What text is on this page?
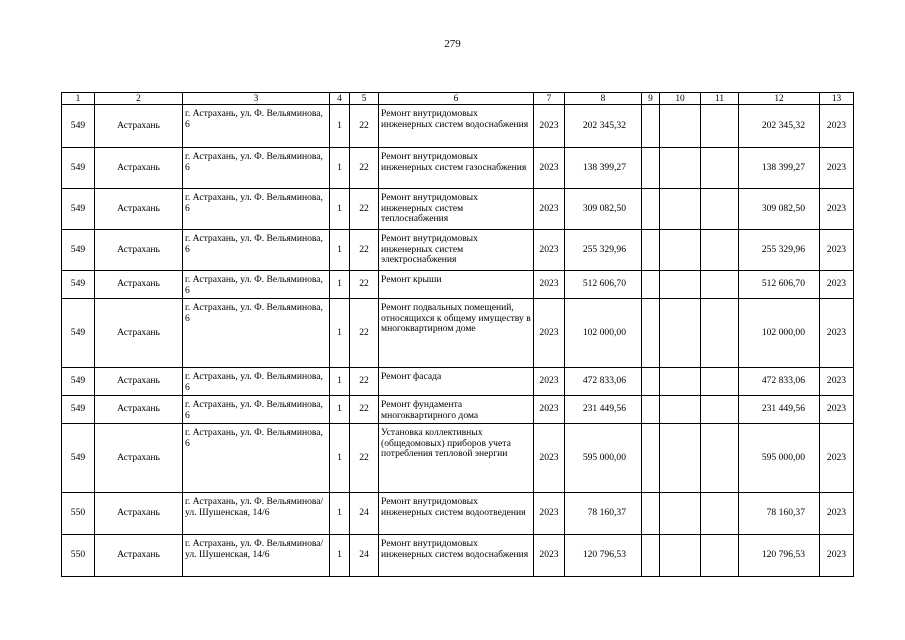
279
1	2	3	4	5	6	7	8	9	10	11	12	13
549	Астрахань	г. Астрахань, ул. Ф. Вельяминова, 6	1	22	Ремонт внутридомовых инженерных систем водоснабжения	2023	202 345,32				202 345,32	2023
549	Астрахань	г. Астрахань, ул. Ф. Вельяминова, 6	1	22	Ремонт внутридомовых инженерных систем газоснабжения	2023	138 399,27				138 399,27	2023
549	Астрахань	г. Астрахань, ул. Ф. Вельяминова, 6	1	22	Ремонт внутридомовых инженерных систем теплоснабжения	2023	309 082,50				309 082,50	2023
549	Астрахань	г. Астрахань, ул. Ф. Вельяминова, 6	1	22	Ремонт внутридомовых инженерных систем электроснабжения	2023	255 329,96				255 329,96	2023
549	Астрахань	г. Астрахань, ул. Ф. Вельяминова, 6	1	22	Ремонт крыши	2023	512 606,70				512 606,70	2023
549	Астрахань	г. Астрахань, ул. Ф. Вельяминова, 6	1	22	Ремонт подвальных помещений, относящихся к общему имуществу в многоквартирном доме	2023	102 000,00				102 000,00	2023
549	Астрахань	г. Астрахань, ул. Ф. Вельяминова, 6	1	22	Ремонт фасада	2023	472 833,06				472 833,06	2023
549	Астрахань	г. Астрахань, ул. Ф. Вельяминова, 6	1	22	Ремонт фундамента многоквартирного дома	2023	231 449,56				231 449,56	2023
549	Астрахань	г. Астрахань, ул. Ф. Вельяминова, 6	1	22	Установка коллективных (общедомовых) приборов учета потребления тепловой энергии	2023	595 000,00				595 000,00	2023
550	Астрахань	г. Астрахань, ул. Ф. Вельяминова/ ул. Шушенская, 14/6	1	24	Ремонт внутридомовых инженерных систем водоотведения	2023	78 160,37				78 160,37	2023
550	Астрахань	г. Астрахань, ул. Ф. Вельяминова/ ул. Шушенская, 14/6	1	24	Ремонт внутридомовых инженерных систем водоснабжения	2023	120 796,53				120 796,53	2023
